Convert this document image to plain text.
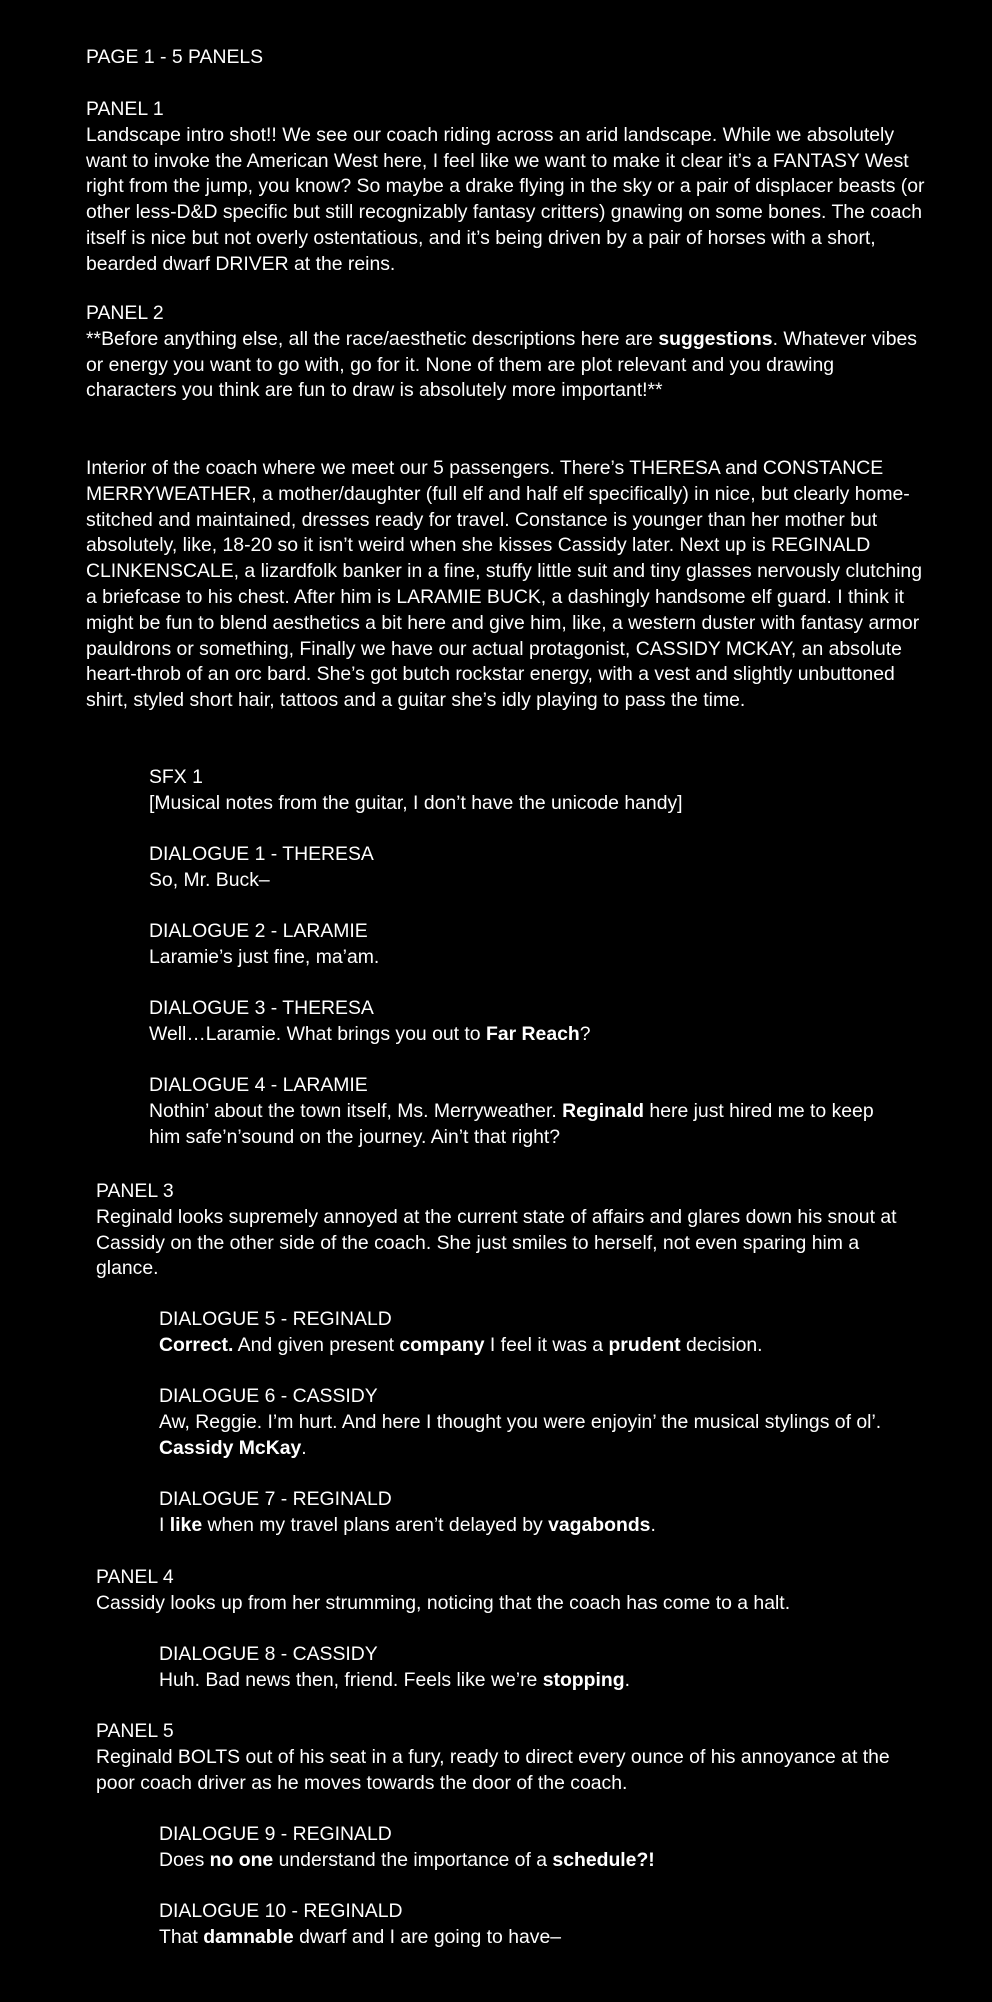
PAGE 1 - 5 PANELS

PANEL 1

Landscape intro shot!! We see our coach riding across an arid landscape. While we absolutely want to invoke the American West here, I feel like we want to make it clear it’s a FANTASY West right from the jump, you know? So maybe a drake flying in the sky or a pair of displacer beasts (or other less-D&D specific but still recognizably fantasy critters) gnawing on some bones. The coach itself is nice but not overly ostentatious, and it’s being driven by a pair of horses with a short, bearded dwarf DRIVER at the reins.

PANEL 2

**Before anything else, all the race/aesthetic descriptions here are suggestions. Whatever vibes or energy you want to go with, go for it. None of them are plot relevant and you drawing characters you think are fun to draw is absolutely more important!**

Interior of the coach where we meet our 5 passengers. There’s THERESA and CONSTANCE MERRYWEATHER, a mother/daughter (full elf and half elf specifically) in nice, but clearly home-stitched and maintained, dresses ready for travel. Constance is younger than her mother but absolutely, like, 18-20 so it isn’t weird when she kisses Cassidy later. Next up is REGINALD CLINKENSCALE, a lizardfolk banker in a fine, stuffy little suit and tiny glasses nervously clutching a briefcase to his chest. After him is LARAMIE BUCK, a dashingly handsome elf guard. I think it might be fun to blend aesthetics a bit here and give him, like, a western duster with fantasy armor pauldrons or something, Finally we have our actual protagonist, CASSIDY MCKAY, an absolute heart-throb of an orc bard. She’s got butch rockstar energy, with a vest and slightly unbuttoned shirt, styled short hair, tattoos and a guitar she’s idly playing to pass the time.

SFX 1

[Musical notes from the guitar, I don’t have the unicode handy]

DIALOGUE 1 - THERESA

So, Mr. Buck–

DIALOGUE 2 - LARAMIE

Laramie’s just fine, ma’am.

DIALOGUE 3 - THERESA

Well…Laramie. What brings you out to Far Reach?

DIALOGUE 4 - LARAMIE

Nothin’ about the town itself, Ms. Merryweather. Reginald here just hired me to keep him safe’n’sound on the journey. Ain’t that right?

PANEL 3

Reginald looks supremely annoyed at the current state of affairs and glares down his snout at Cassidy on the other side of the coach. She just smiles to herself, not even sparing him a glance.

DIALOGUE 5 - REGINALD

Correct. And given present company I feel it was a prudent decision.

DIALOGUE 6 - CASSIDY

Aw, Reggie. I’m hurt. And here I thought you were enjoyin’ the musical stylings of ol’. Cassidy McKay.

DIALOGUE 7 - REGINALD

I like when my travel plans aren’t delayed by vagabonds.

PANEL 4

Cassidy looks up from her strumming, noticing that the coach has come to a halt.

DIALOGUE 8 - CASSIDY

Huh. Bad news then, friend. Feels like we’re stopping.

PANEL 5

Reginald BOLTS out of his seat in a fury, ready to direct every ounce of his annoyance at the poor coach driver as he moves towards the door of the coach.

DIALOGUE 9 - REGINALD

Does no one understand the importance of a schedule?!

DIALOGUE 10 - REGINALD

That damnable dwarf and I are going to have–
